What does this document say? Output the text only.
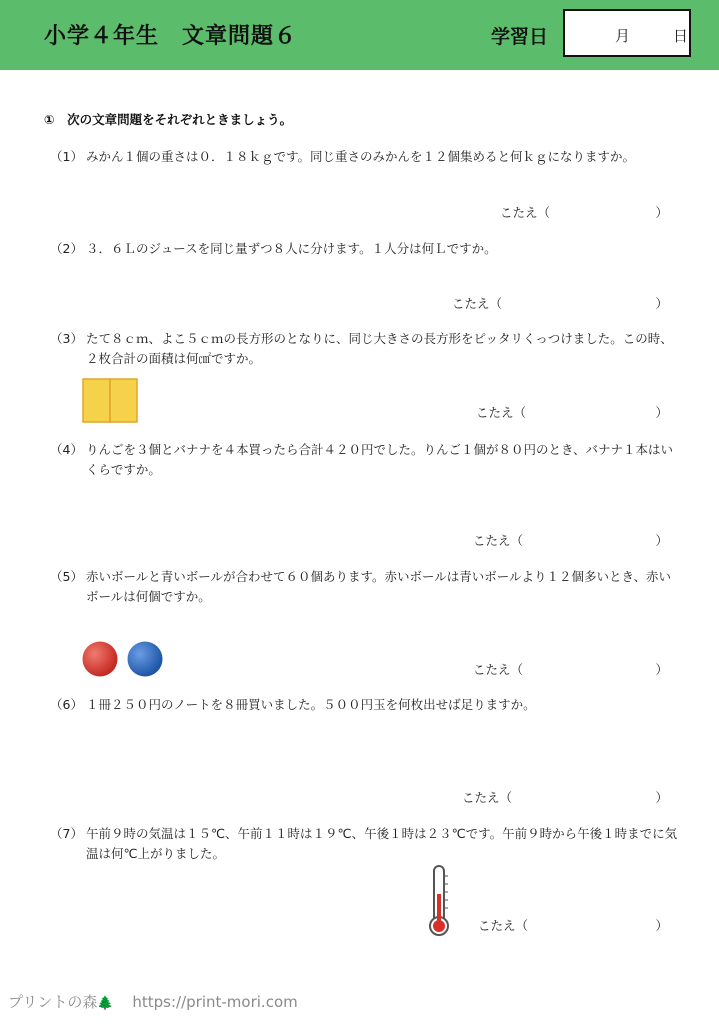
小学４年生　文章問題６	学習日	月	日
①　次の文章問題をそれぞれときましょう。
（1） みかん１個の重さは０．１８ｋｇです。同じ重さのみかんを１２個集めると何ｋｇになりますか。
こたえ（	）
（2） ３．６Ｌのジュースを同じ量ずつ８人に分けます。１人分は何Ｌですか。
こたえ（	）
（3） たて８ｃｍ、よこ５ｃｍの長方形のとなりに、同じ大きさの長方形をピッタリくっつけました。この時、２枚合計の面積は何㎠ですか。
こたえ（	）
（4） りんごを３個とバナナを４本買ったら合計４２０円でした。りんご１個が８０円のとき、バナナ１本はいくらですか。
こたえ（	）
（5） 赤いボールと青いボールが合わせて６０個あります。赤いボールは青いボールより１２個多いとき、赤いボールは何個ですか。
こたえ（	）
（6） １冊２５０円のノートを８冊買いました。５００円玉を何枚出せば足りますか。
こたえ（	）
（7） 午前９時の気温は１５℃、午前１１時は１９℃、午後１時は２３℃です。午前９時から午後１時までに気温は何℃上がりました。
こたえ（	）
プリントの森🌲 https://print-mori.com
